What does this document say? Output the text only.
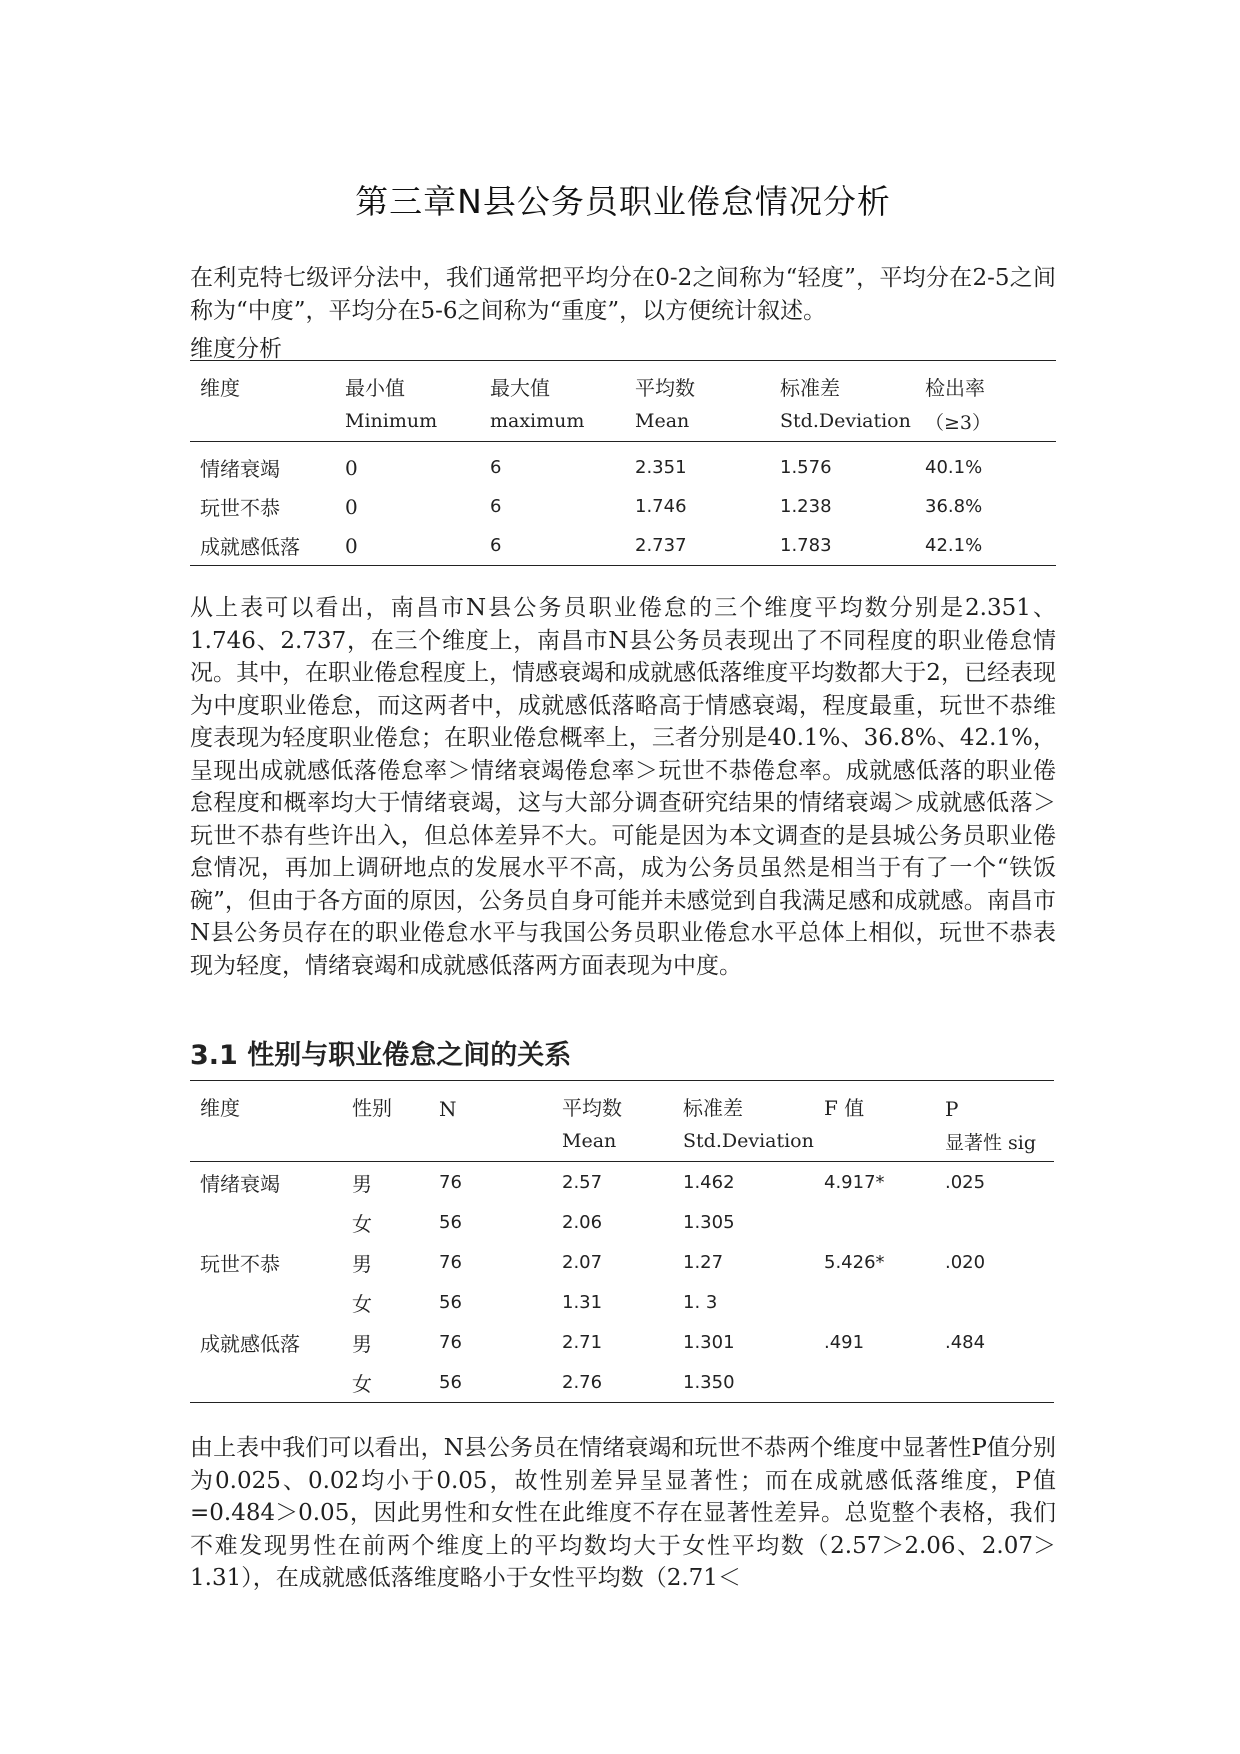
第三章N县公务员职业倦怠情况分析

在利克特七级评分法中，我们通常把平均分在0-2之间称为“轻度”，平均分在2-5之间称为“中度”，平均分在5-6之间称为“重度”，以方便统计叙述。

维度分析
维度	最小值	最大值	平均数	标准差	检出率
	Minimum	maximum	Mean	Std.Deviation	（≥3）
情绪衰竭	0	6	2.351	1.576	40.1%
玩世不恭	0	6	1.746	1.238	36.8%
成就感低落	0	6	2.737	1.783	42.1%

从上表可以看出，南昌市N县公务员职业倦怠的三个维度平均数分别是2.351、1.746、2.737，在三个维度上，南昌市N县公务员表现出了不同程度的职业倦怠情况。其中，在职业倦怠程度上，情感衰竭和成就感低落维度平均数都大于2，已经表现为中度职业倦怠，而这两者中，成就感低落略高于情感衰竭，程度最重，玩世不恭维度表现为轻度职业倦怠；在职业倦怠概率上，三者分别是40.1%、36.8%、42.1%，呈现出成就感低落倦怠率＞情绪衰竭倦怠率＞玩世不恭倦怠率。成就感低落的职业倦怠程度和概率均大于情绪衰竭，这与大部分调查研究结果的情绪衰竭＞成就感低落＞玩世不恭有些许出入，但总体差异不大。可能是因为本文调查的是县城公务员职业倦怠情况，再加上调研地点的发展水平不高，成为公务员虽然是相当于有了一个“铁饭碗”，但由于各方面的原因，公务员自身可能并未感觉到自我满足感和成就感。南昌市N县公务员存在的职业倦怠水平与我国公务员职业倦怠水平总体上相似，玩世不恭表现为轻度，情绪衰竭和成就感低落两方面表现为中度。

3.1 性别与职业倦怠之间的关系
维度	性别	N	平均数	标准差	F 值	P
			Mean	Std.Deviation		显著性 sig
情绪衰竭	男	76	2.57	1.462	4.917*	.025
	女	56	2.06	1.305		
玩世不恭	男	76	2.07	1.27	5.426*	.020
	女	56	1.31	1. 3		
成就感低落	男	76	2.71	1.301	.491	.484
	女	56	2.76	1.350		

由上表中我们可以看出，N县公务员在情绪衰竭和玩世不恭两个维度中显著性P值分别为0.025、0.02均小于0.05，故性别差异呈显著性；而在成就感低落维度，P值=0.484＞0.05，因此男性和女性在此维度不存在显著性差异。总览整个表格，我们不难发现男性在前两个维度上的平均数均大于女性平均数（2.57＞2.06、2.07＞1.31），在成就感低落维度略小于女性平均数（2.71＜
